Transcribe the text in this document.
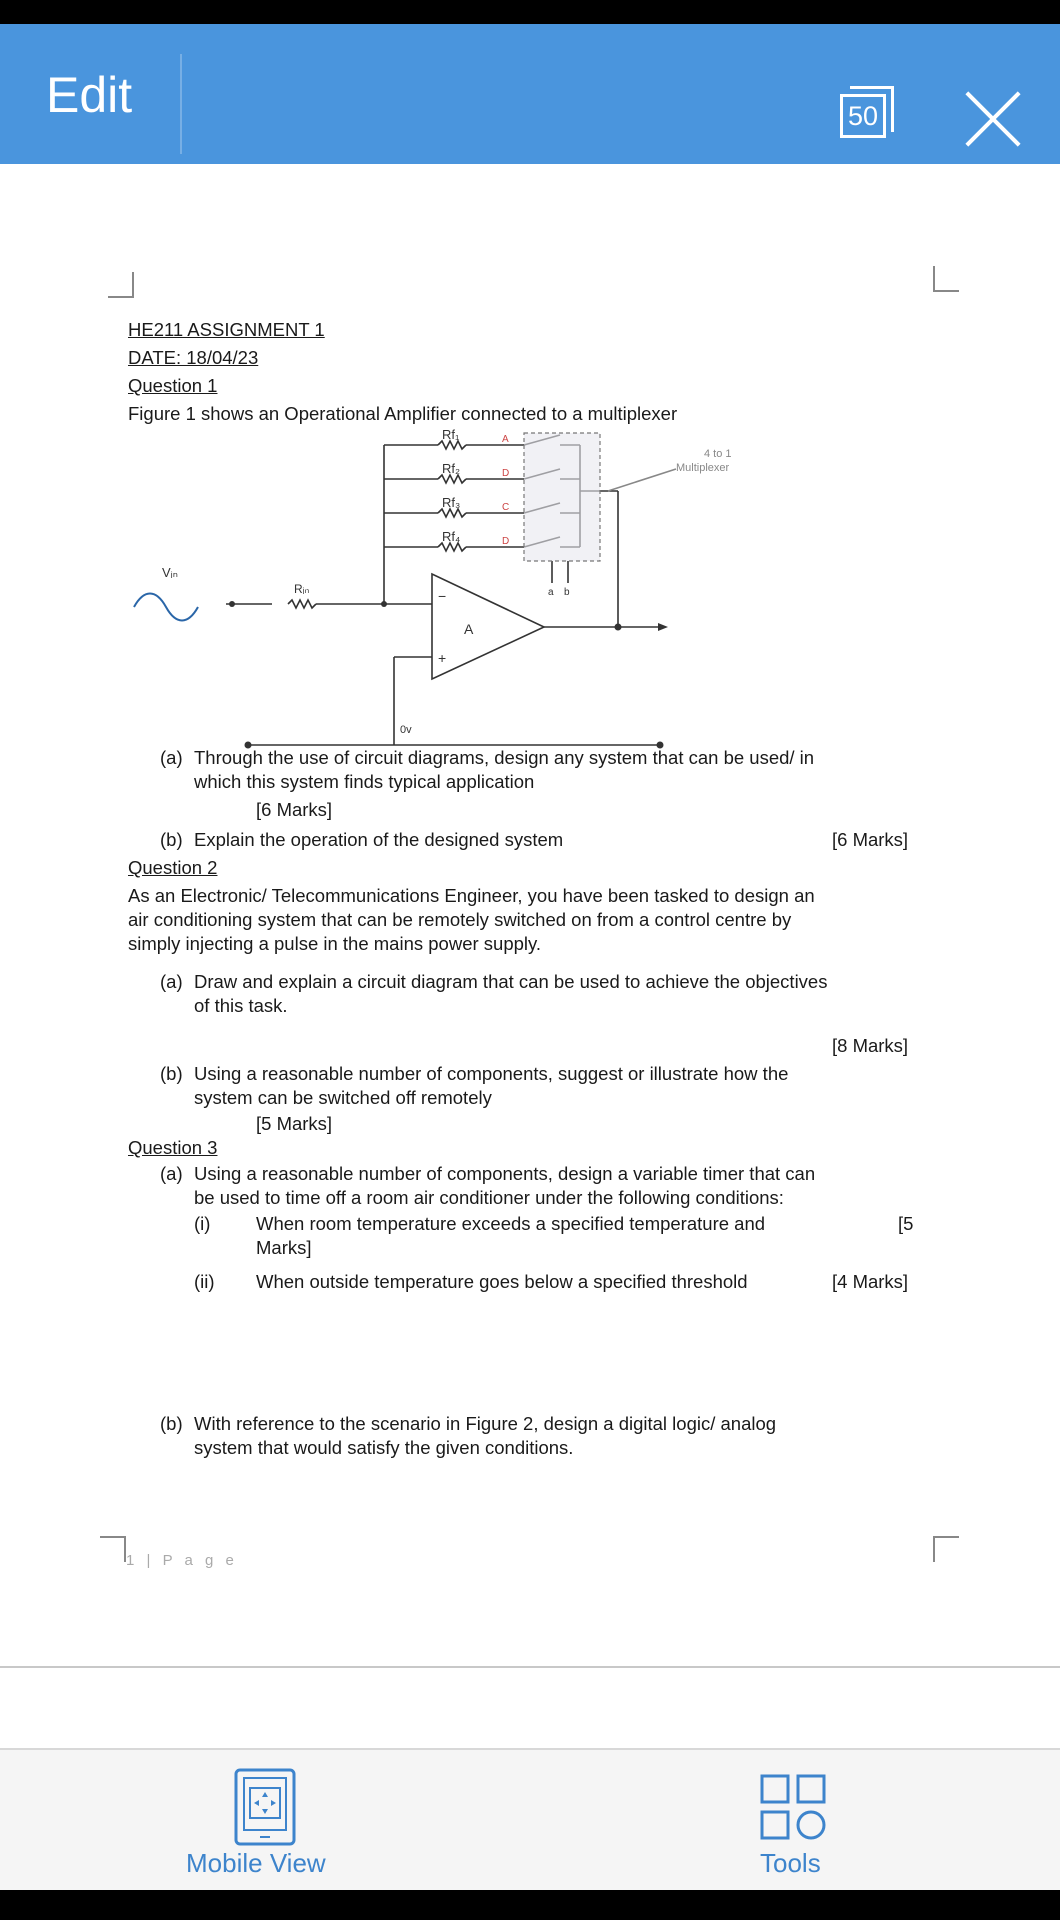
Edit	50
HE211 ASSIGNMENT 1
DATE: 18/04/23
Question 1
Figure 1 shows an Operational Amplifier connected to a multiplexer
Rf₁
Rf₂
Rf₃
Rf₄
A
D
C
D
4 to 1
Multiplexer
a b
Vᵢₙ
Rᵢₙ
A
−
+
0v
(a) Through the use of circuit diagrams, design any system that can be used/ in
which this system finds typical application
[6 Marks]
(b) Explain the operation of the designed system	[6 Marks]
Question 2
As an Electronic/ Telecommunications Engineer, you have been tasked to design an
air conditioning system that can be remotely switched on from a control centre by
simply injecting a pulse in the mains power supply.
(a) Draw and explain a circuit diagram that can be used to achieve the objectives
of this task.
[8 Marks]
(b) Using a reasonable number of components, suggest or illustrate how the
system can be switched off remotely
[5 Marks]
Question 3
(a) Using a reasonable number of components, design a variable timer that can
be used to time off a room air conditioner under the following conditions:
(i) When room temperature exceeds a specified temperature and	[5
Marks]
(ii) When outside temperature goes below a specified threshold	[4 Marks]
(b) With reference to the scenario in Figure 2, design a digital logic/ analog
system that would satisfy the given conditions.
1 | P a g e
Mobile View	Tools
